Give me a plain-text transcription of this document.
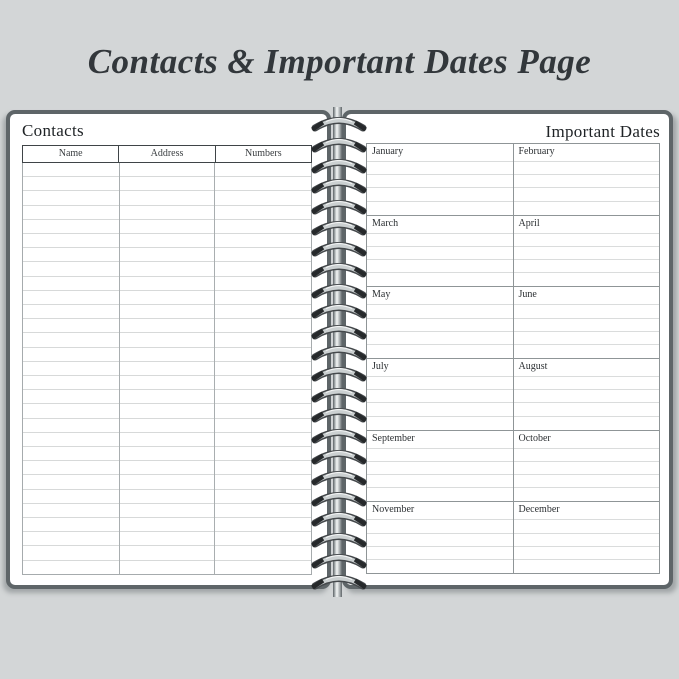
Contacts & Important Dates Page
Contacts
Name	Address	Numbers
Important Dates
January	February
March	April
May	June
July	August
September	October
November	December
